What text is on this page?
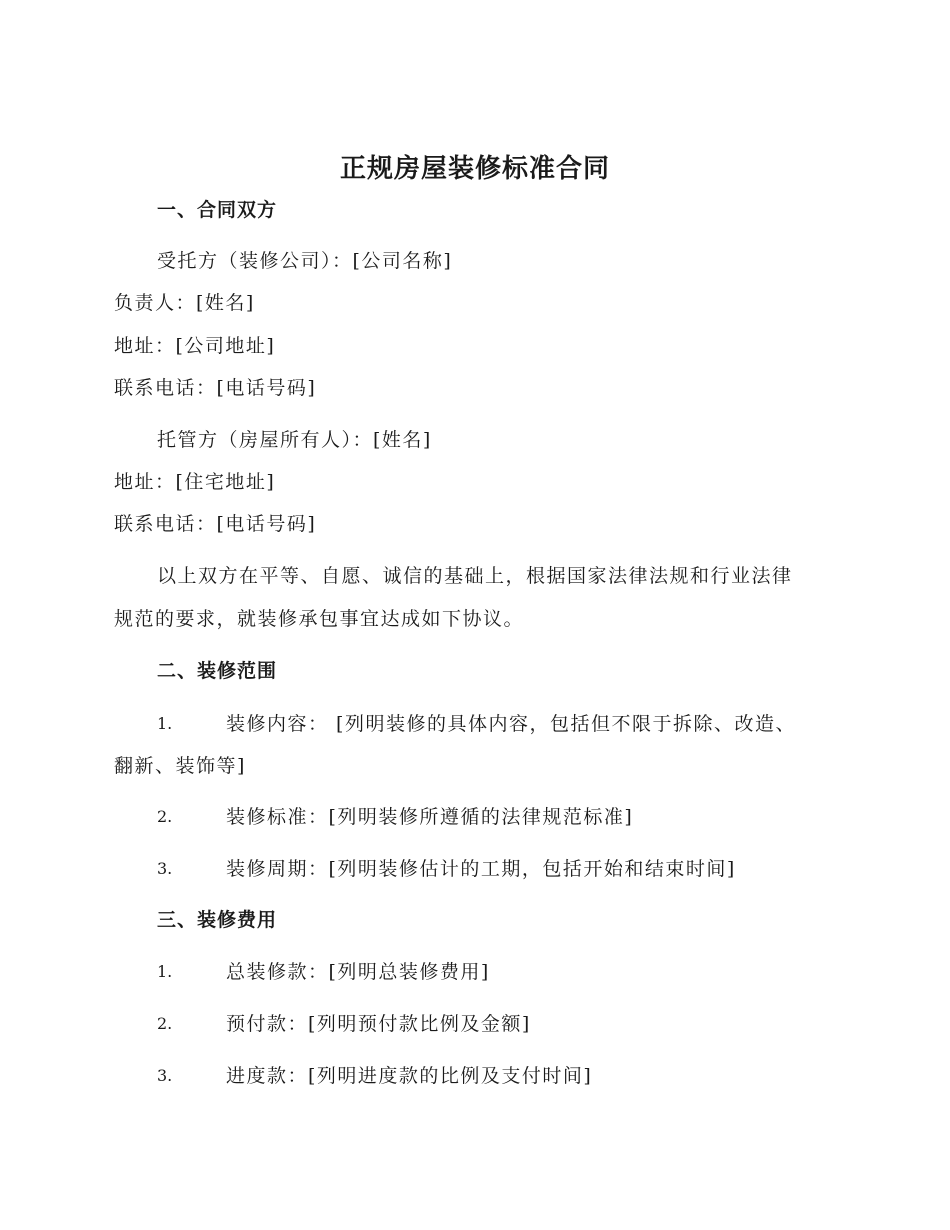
正规房屋装修标准合同
一、合同双方
受托方（装修公司）：[公司名称]
负责人：[姓名]
地址：[公司地址]
联系电话：[电话号码]
托管方（房屋所有人）：[姓名]
地址：[住宅地址]
联系电话：[电话号码]
以上双方在平等、自愿、诚信的基础上，根据国家法律法规和行业法律
规范的要求，就装修承包事宜达成如下协议。
二、装修范围
1.	装修内容： [列明装修的具体内容，包括但不限于拆除、改造、
翻新、装饰等]
2.	装修标准：[列明装修所遵循的法律规范标准]
3.	装修周期：[列明装修估计的工期，包括开始和结束时间]
三、装修费用
1.	总装修款：[列明总装修费用]
2.	预付款：[列明预付款比例及金额]
3.	进度款：[列明进度款的比例及支付时间]
